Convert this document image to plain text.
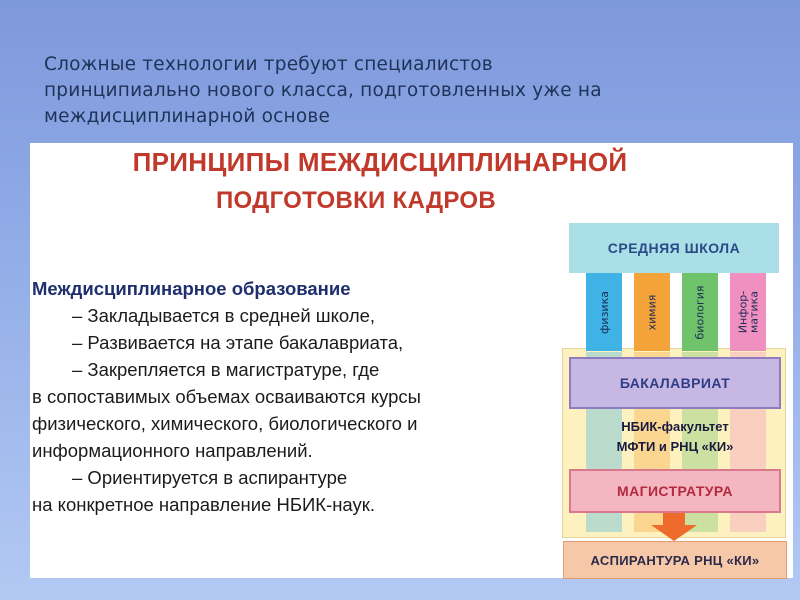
Сложные технологии требуют специалистов
принципиально нового класса, подготовленных уже на
междисциплинарной основе
ПРИНЦИПЫ МЕЖДИСЦИПЛИНАРНОЙ
ПОДГОТОВКИ КАДРОВ
Междисциплинарное образование
– Закладывается в средней школе,
– Развивается на этапе бакалавриата,
– Закрепляется в магистратуре, где
в сопоставимых объемах осваиваются курсы
физического, химического, биологического и
информационного направлений.
– Ориентируется в аспирантуре
на конкретное направление НБИК-наук.
СРЕДНЯЯ ШКОЛА
физика	химия	биология	Инфор-
матика
БАКАЛАВРИАТ
НБИК-факультет
МФТИ и РНЦ «КИ»
МАГИСТРАТУРА
АСПИРАНТУРА РНЦ «КИ»
